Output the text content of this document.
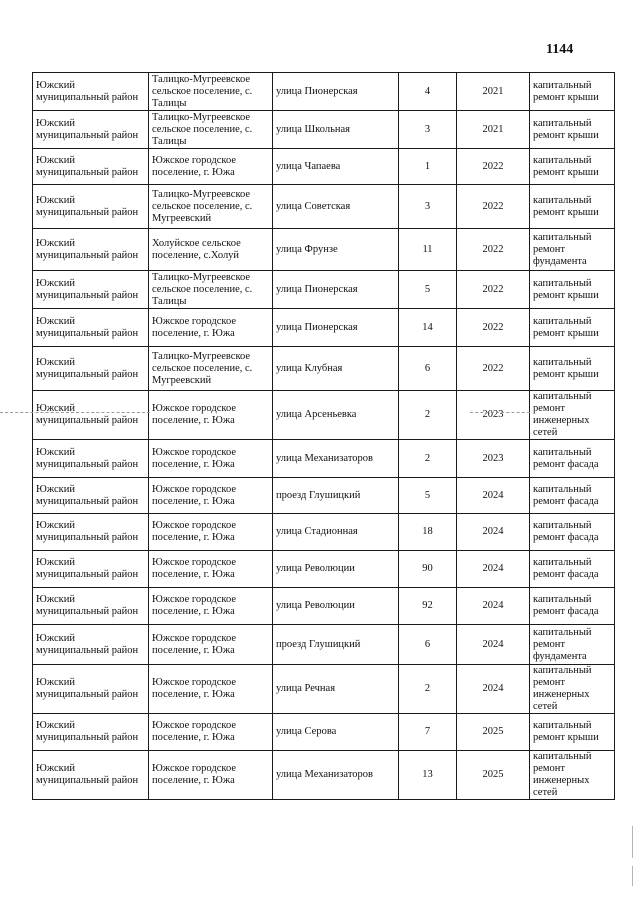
1144
Южский муниципальный район	Талицко-Мугреевское сельское поселение, с. Талицы	улица Пионерская	4	2021	капитальный ремонт крыши
Южский муниципальный район	Талицко-Мугреевское сельское поселение, с. Талицы	улица Школьная	3	2021	капитальный ремонт крыши
Южский муниципальный район	Южское городское поселение, г. Южа	улица Чапаева	1	2022	капитальный ремонт крыши
Южский муниципальный район	Талицко-Мугреевское сельское поселение, с. Мугреевский	улица Советская	3	2022	капитальный ремонт крыши
Южский муниципальный район	Холуйское сельское поселение, с.Холуй	улица Фрунзе	11	2022	капитальный ремонт фундамента
Южский муниципальный район	Талицко-Мугреевское сельское поселение, с. Талицы	улица Пионерская	5	2022	капитальный ремонт крыши
Южский муниципальный район	Южское городское поселение, г. Южа	улица Пионерская	14	2022	капитальный ремонт крыши
Южский муниципальный район	Талицко-Мугреевское сельское поселение, с. Мугреевский	улица Клубная	6	2022	капитальный ремонт крыши
Южский муниципальный район	Южское городское поселение, г. Южа	улица Арсеньевка	2	2023	капитальный ремонт инженерных сетей
Южский муниципальный район	Южское городское поселение, г. Южа	улица Механизаторов	2	2023	капитальный ремонт фасада
Южский муниципальный район	Южское городское поселение, г. Южа	проезд Глушицкий	5	2024	капитальный ремонт фасада
Южский муниципальный район	Южское городское поселение, г. Южа	улица Стадионная	18	2024	капитальный ремонт фасада
Южский муниципальный район	Южское городское поселение, г. Южа	улица Революции	90	2024	капитальный ремонт фасада
Южский муниципальный район	Южское городское поселение, г. Южа	улица Революции	92	2024	капитальный ремонт фасада
Южский муниципальный район	Южское городское поселение, г. Южа	проезд Глушицкий	6	2024	капитальный ремонт фундамента
Южский муниципальный район	Южское городское поселение, г. Южа	улица Речная	2	2024	капитальный ремонт инженерных сетей
Южский муниципальный район	Южское городское поселение, г. Южа	улица Серова	7	2025	капитальный ремонт крыши
Южский муниципальный район	Южское городское поселение, г. Южа	улица Механизаторов	13	2025	капитальный ремонт инженерных сетей
